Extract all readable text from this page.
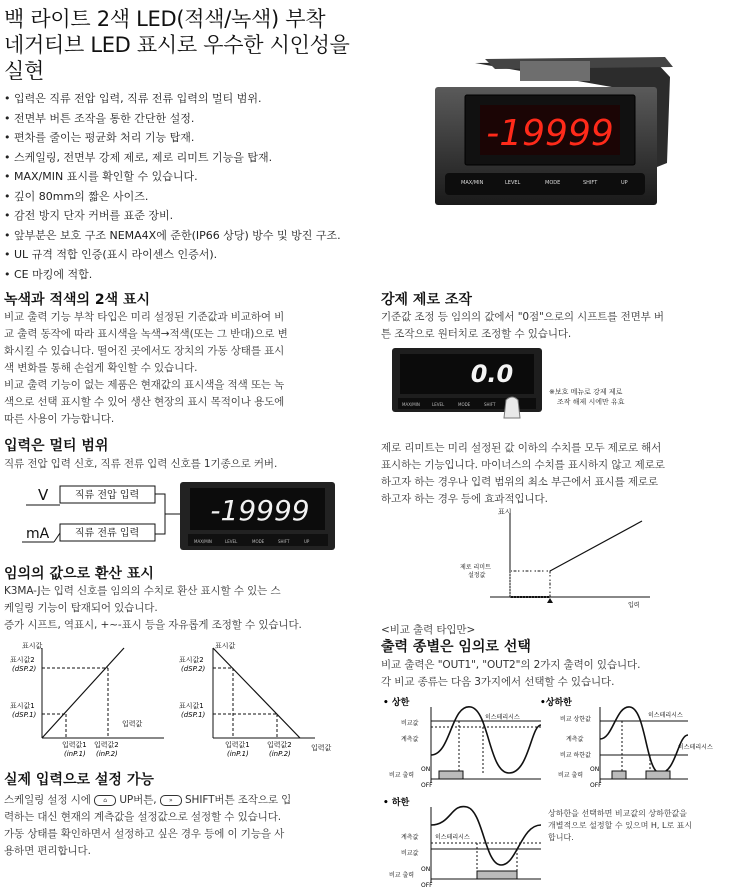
백 라이트 2색 LED(적색/녹색) 부착
네거티브 LED 표시로 우수한 시인성을
실현
• 입력은 직류 전압 입력, 직류 전류 입력의 멀티 범위.
• 전면부 버튼 조작을 통한 간단한 설정.
• 편차를 줄이는 평균화 처리 기능 탑재.
• 스케일링, 전면부 강제 제로, 제로 리미트 기능을 탑재.
• MAX/MIN 표시를 확인할 수 있습니다.
• 깊이 80mm의 짧은 사이즈.
• 감전 방지 단자 커버를 표준 장비.
• 앞부분은 보호 구조 NEMA4X에 준한(IP66 상당) 방수 및 방진 구조.
• UL 규격 적합 인증(표시 라이센스 인증서).
• CE 마킹에 적합.
-19999
MAX/MIN	LEVEL	MODE	SHIFT	UP
녹색과 적색의 2색 표시
비교 출력 기능 부착 타입은 미리 설정된 기준값과 비교하여 비
교 출력 동작에 따라 표시색을 녹색→적색(또는 그 반대)으로 변
화시킬 수 있습니다. 떨어진 곳에서도 장치의 가동 상태를 표시
색 변화를 통해 손쉽게 확인할 수 있습니다.
비교 출력 기능이 없는 제품은 현재값의 표시색을 적색 또는 녹
색으로 선택 표시할 수 있어 생산 현장의 표시 목적이나 용도에
따른 사용이 가능합니다.
입력은 멀티 범위
직류 전압 입력 신호, 직류 전류 입력 신호를 1기종으로 커버.
V
mA
직류 전압 입력
직류 전류 입력
-19999
MAX/MIN	LEVEL	MODE	SHIFT	UP
임의의 값으로 환산 표시
K3MA-J는 입력 신호를 임의의 수치로 환산 표시할 수 있는 스
케일링 기능이 탑재되어 있습니다.
증가 시프트, 역표시, +~-표시 등을 자유롭게 조정할 수 있습니다.
표시값
표시값2
(dSP.2)
표시값1
(dSP.1)
입력값
입력값1
(inP.1)
입력값2
(inP.2)
표시값
표시값2
(dSP.2)
표시값1
(dSP.1)
입력값
입력값1
(inP.1)
입력값2
(inP.2)
실제 입력으로 설정 가능
스케일링 설정 시에 ⌂ UP버튼, » SHIFT버튼 조작으로 입
력하는 대신 현재의 계측값을 설정값으로 설정할 수 있습니다.
가동 상태를 확인하면서 설정하고 싶은 경우 등에 이 기능을 사
용하면 편리합니다.
강제 제로 조작
기준값 조정 등 임의의 값에서 "0점"으로의 시프트를 전면부 버
튼 조작으로 원터치로 조정할 수 있습니다.
0.0
MAX/MIN	LEVEL	MODE	SHIFT
※보호 메뉴로 강제 제로
조작 해제 시에만 유효
제로 리미트는 미리 설정된 값 이하의 수치를 모두 제로로 해서
표시하는 기능입니다. 마이너스의 수치를 표시하지 않고 제로로
하고자 하는 경우나 입력 범위의 최소 부근에서 표시를 제로로
하고자 하는 경우 등에 효과적입니다.
표시
제로 리미트
설정값
입력
<비교 출력 타입만>
출력 종별은 임의로 선택
비교 출력은 "OUT1", "OUT2"의 2가지 출력이 있습니다.
각 비교 종류는 다음 3가지에서 선택할 수 있습니다.
• 상한
비교값
계측값
히스테리시스
비교 출력
ON
OFF
•상하한
비교 상한값
계측값
비교 하한값
히스테리시스
히스테리시스
비교 출력
ON
OFF
• 하한
계측값
비교값
히스테리시스
비교 출력
ON
OFF
상하한을 선택하면 비교값의 상하한값을
개별적으로 설정할 수 있으며 H, L로 표시
합니다.
